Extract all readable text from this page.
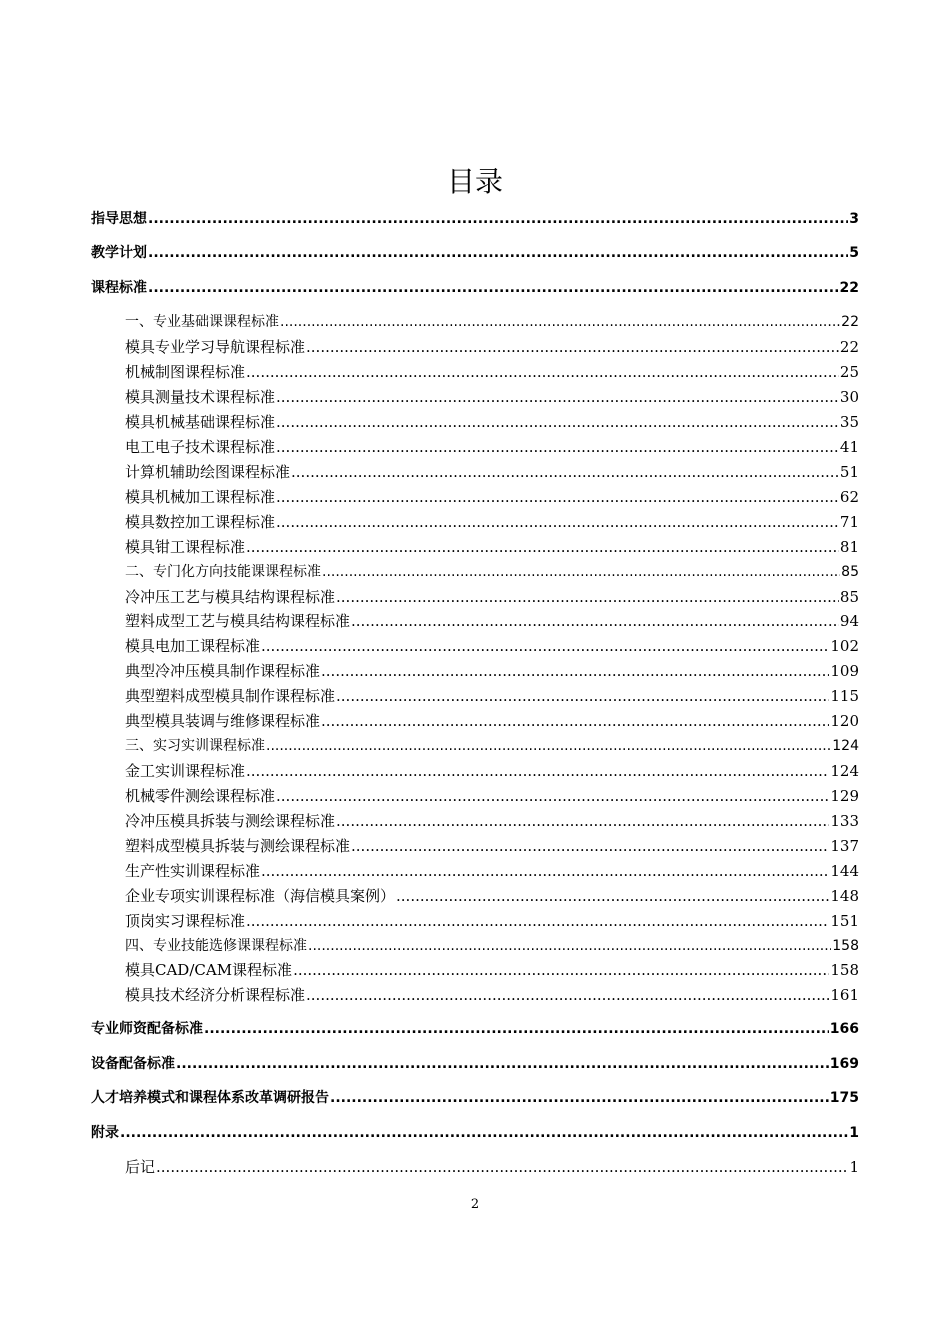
目录
指导思想 .....	3
教学计划 .....	5
课程标准 .....	22
一、专业基础课课程标准 .....	22
模具专业学习导航课程标准 .....	22
机械制图课程标准 .....	25
模具测量技术课程标准 .....	30
模具机械基础课程标准 .....	35
电工电子技术课程标准 .....	41
计算机辅助绘图课程标准 .....	51
模具机械加工课程标准 .....	62
模具数控加工课程标准 .....	71
模具钳工课程标准 .....	81
二、专门化方向技能课课程标准 .....	85
冷冲压工艺与模具结构课程标准 .....	85
塑料成型工艺与模具结构课程标准 .....	94
模具电加工课程标准 .....	102
典型冷冲压模具制作课程标准 .....	109
典型塑料成型模具制作课程标准 .....	115
典型模具装调与维修课程标准 .....	120
三、实习实训课程标准 .....	124
金工实训课程标准 .....	124
机械零件测绘课程标准 .....	129
冷冲压模具拆装与测绘课程标准 .....	133
塑料成型模具拆装与测绘课程标准 .....	137
生产性实训课程标准 .....	144
企业专项实训课程标准（海信模具案例） .....	148
顶岗实习课程标准 .....	151
四、专业技能选修课课程标准 .....	158
模具CAD/CAM课程标准 .....	158
模具技术经济分析课程标准 .....	161
专业师资配备标准 .....	166
设备配备标准 .....	169
人才培养模式和课程体系改革调研报告 .....	175
附录 .....	1
后记 .....	1
2
